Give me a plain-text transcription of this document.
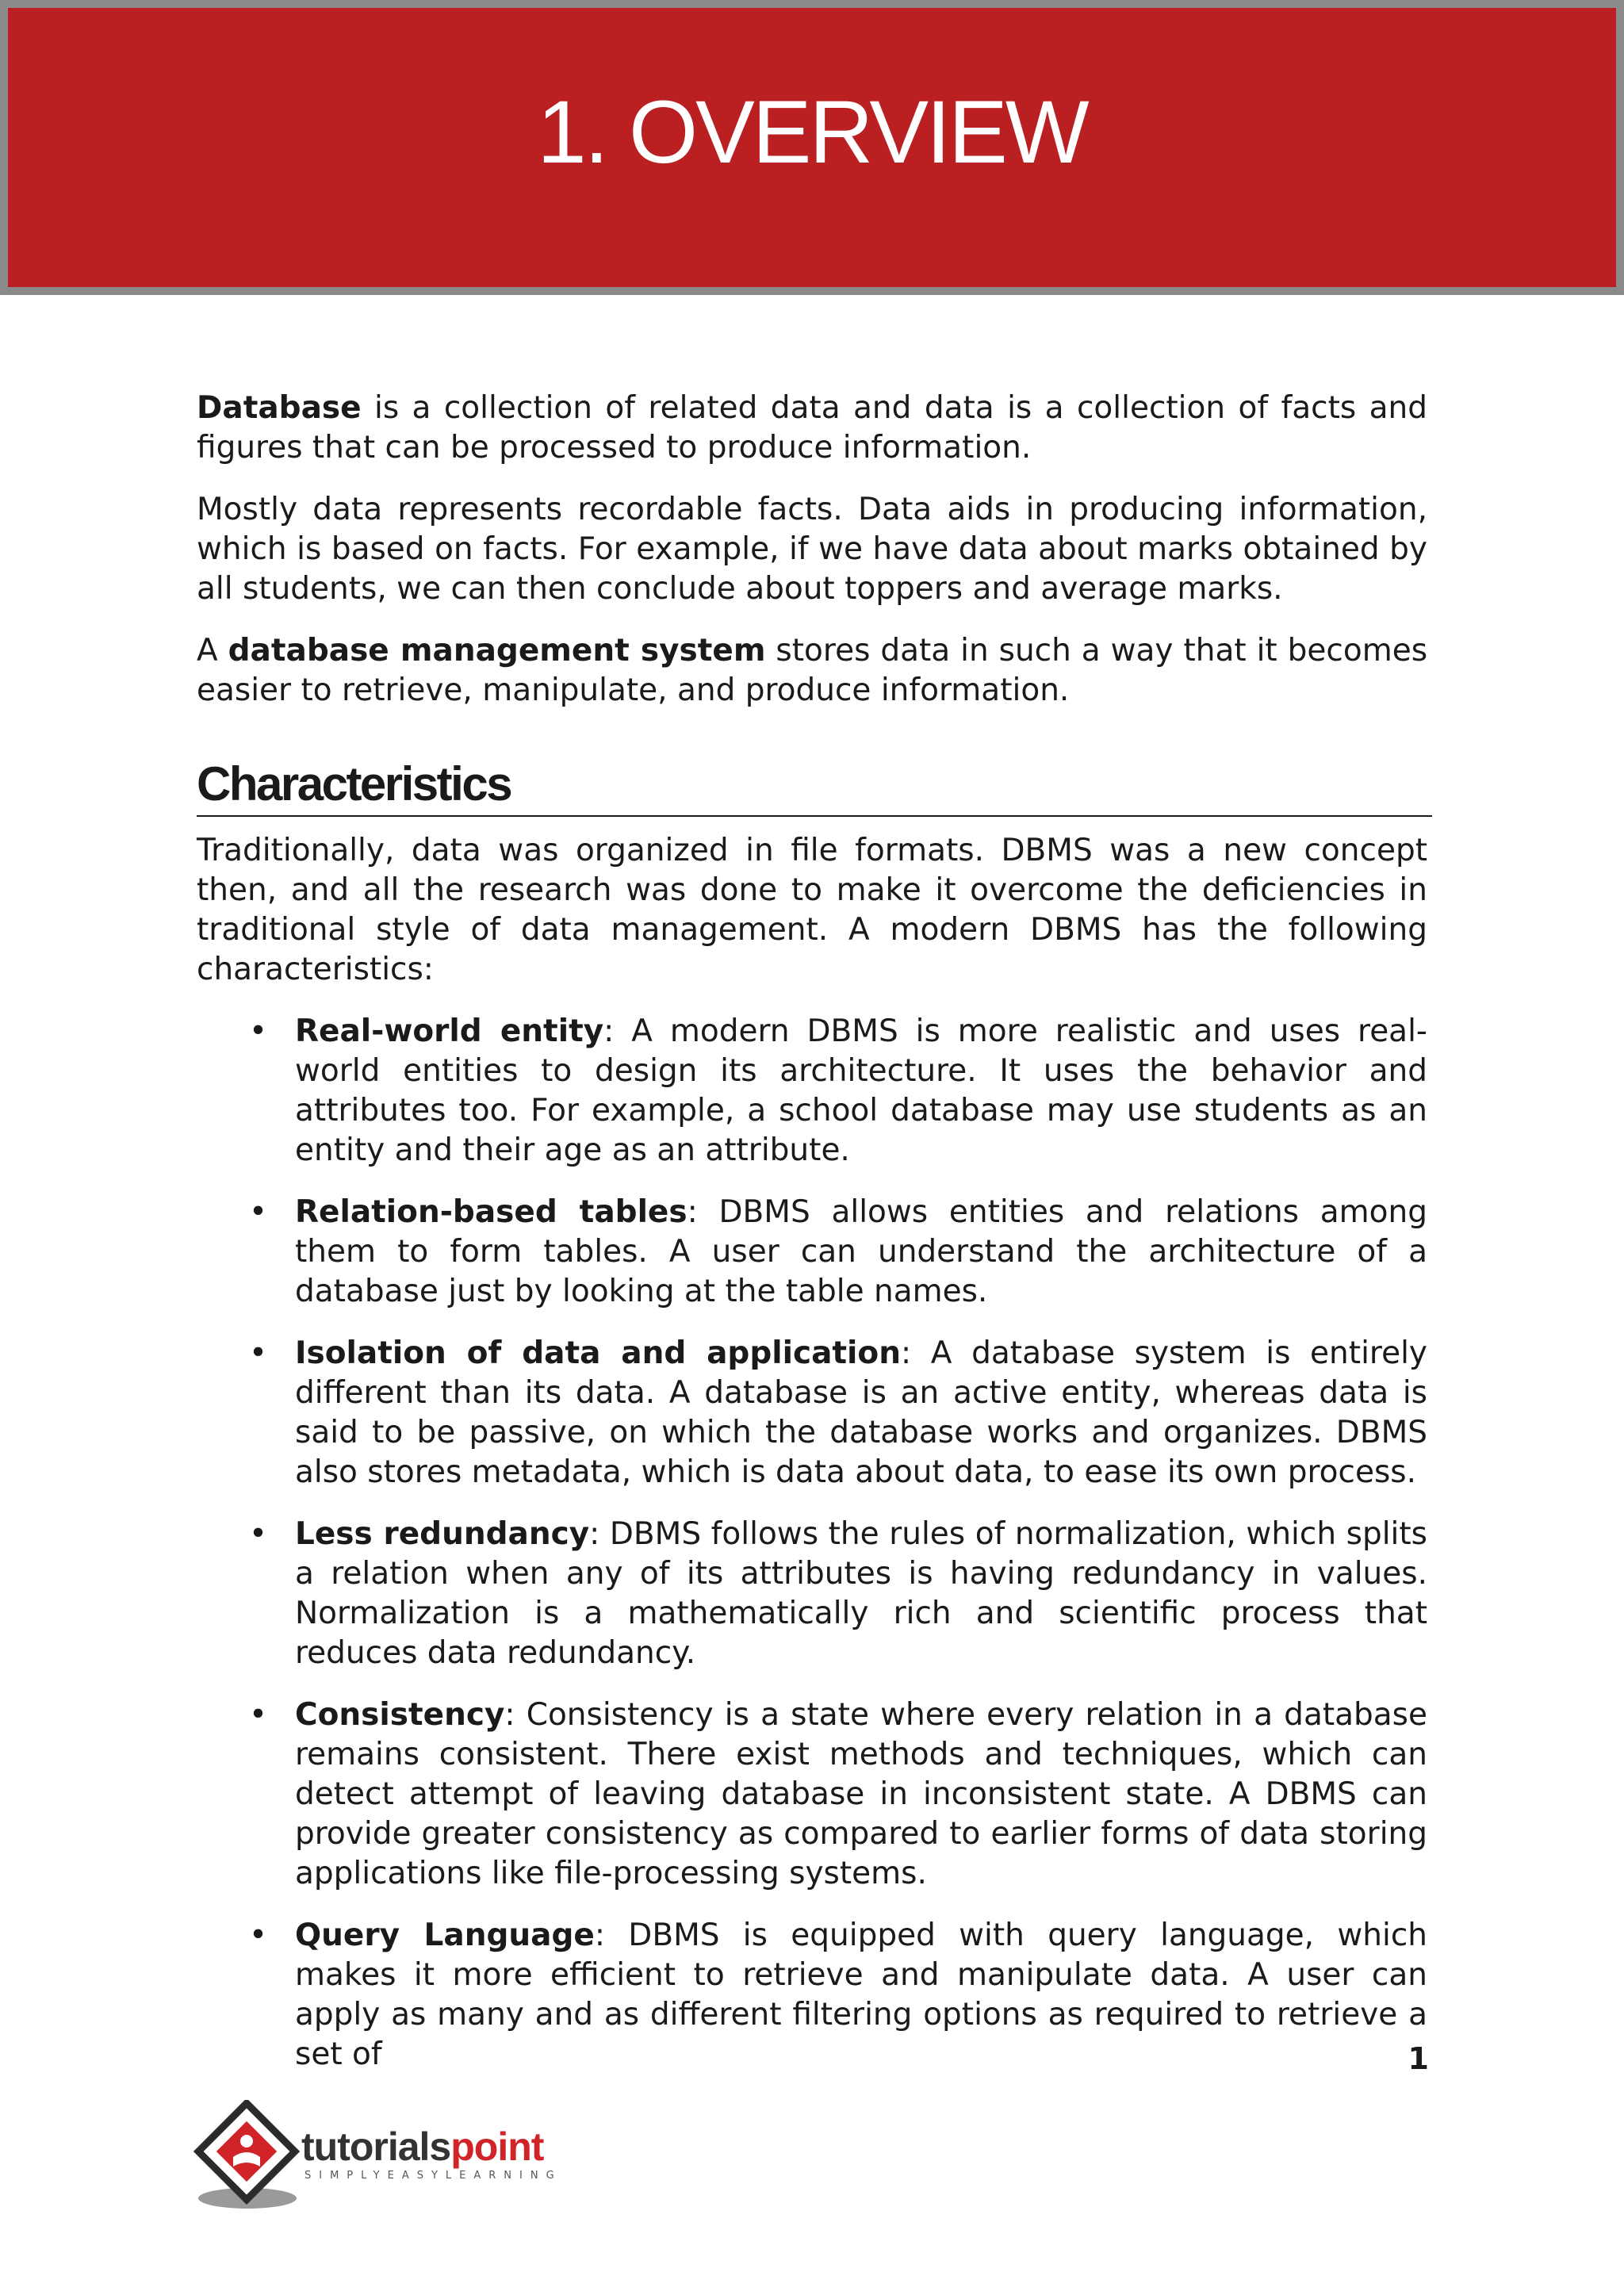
1. OVERVIEW

Database is a collection of related data and data is a collection of facts and figures that can be processed to produce information.

Mostly data represents recordable facts. Data aids in producing information, which is based on facts. For example, if we have data about marks obtained by all students, we can then conclude about toppers and average marks.

A database management system stores data in such a way that it becomes easier to retrieve, manipulate, and produce information.

Characteristics

Traditionally, data was organized in file formats. DBMS was a new concept then, and all the research was done to make it overcome the deficiencies in traditional style of data management. A modern DBMS has the following characteristics:

• Real-world entity: A modern DBMS is more realistic and uses real-world entities to design its architecture. It uses the behavior and attributes too. For example, a school database may use students as an entity and their age as an attribute.
• Relation-based tables: DBMS allows entities and relations among them to form tables. A user can understand the architecture of a database just by looking at the table names.
• Isolation of data and application: A database system is entirely different than its data. A database is an active entity, whereas data is said to be passive, on which the database works and organizes. DBMS also stores metadata, which is data about data, to ease its own process.
• Less redundancy: DBMS follows the rules of normalization, which splits a relation when any of its attributes is having redundancy in values. Normalization is a mathematically rich and scientific process that reduces data redundancy.
• Consistency: Consistency is a state where every relation in a database remains consistent. There exist methods and techniques, which can detect attempt of leaving database in inconsistent state. A DBMS can provide greater consistency as compared to earlier forms of data storing applications like file-processing systems.
• Query Language: DBMS is equipped with query language, which makes it more efficient to retrieve and manipulate data. A user can apply as many and as different filtering options as required to retrieve a set of	1
tutorialspoint
SIMPLYEASYLEARNING
